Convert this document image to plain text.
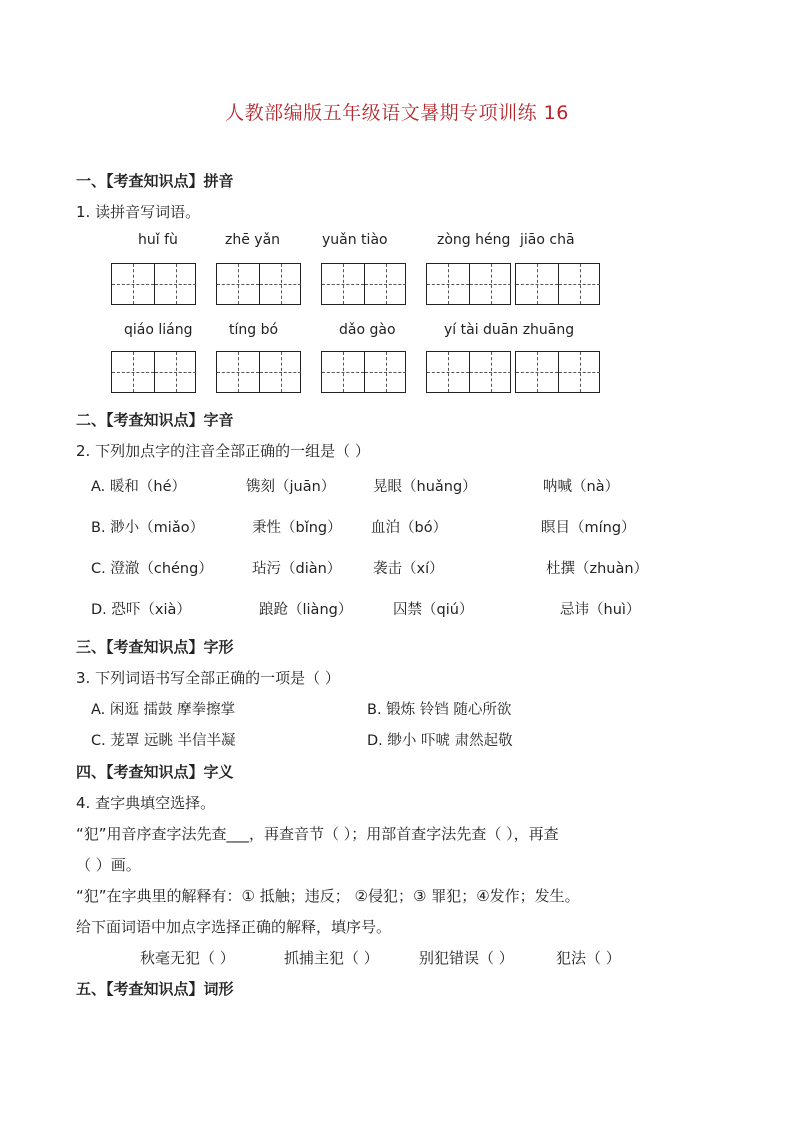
人教部编版五年级语文暑期专项训练 16
一、【考查知识点】拼音
1. 读拼音写词语。
huǐ fù	zhē yǎn	yuǎn tiào	zòng héng jiāo chā
qiáo liáng	tíng bó	dǎo gào	yí tài duān zhuāng
二、【考查知识点】字音
2. 下列加点字的注音全部正确的一组是（ ）
A. 暖和（hé）	镌刻（juān）	晃眼（huǎng）	呐喊（nà）
B. 渺小（miǎo）	秉性（bǐng） 血泊（bó）	瞑目（míng）
C. 澄澈（chéng）	玷污（diàn） 袭击（xí）	杜撰（zhuàn）
D. 恐吓（xià）	踉跄（liàng）	囚禁（qiú）	忌讳（huì）
三、【考查知识点】字形
3. 下列词语书写全部正确的一项是（ ）
A. 闲逛 擂鼓 摩拳擦掌	B. 锻炼 铃铛 随心所欲
C. 茏罩 远眺 半信半凝	D. 缈小 吓唬 肃然起敬
四、【考查知识点】字义
4. 查字典填空选择。
“犯”用音序查字法先查___，再查音节（ ）；用部首查字法先查（ ），再查
（ ）画。
“犯”在字典里的解释有：① 抵触；违反； ②侵犯；③ 罪犯；④发作；发生。
给下面词语中加点字选择正确的解释，填序号。
秋毫无犯（ ）	抓捕主犯（ ）	别犯错误（ ）	犯法（ ）
五、【考查知识点】词形
